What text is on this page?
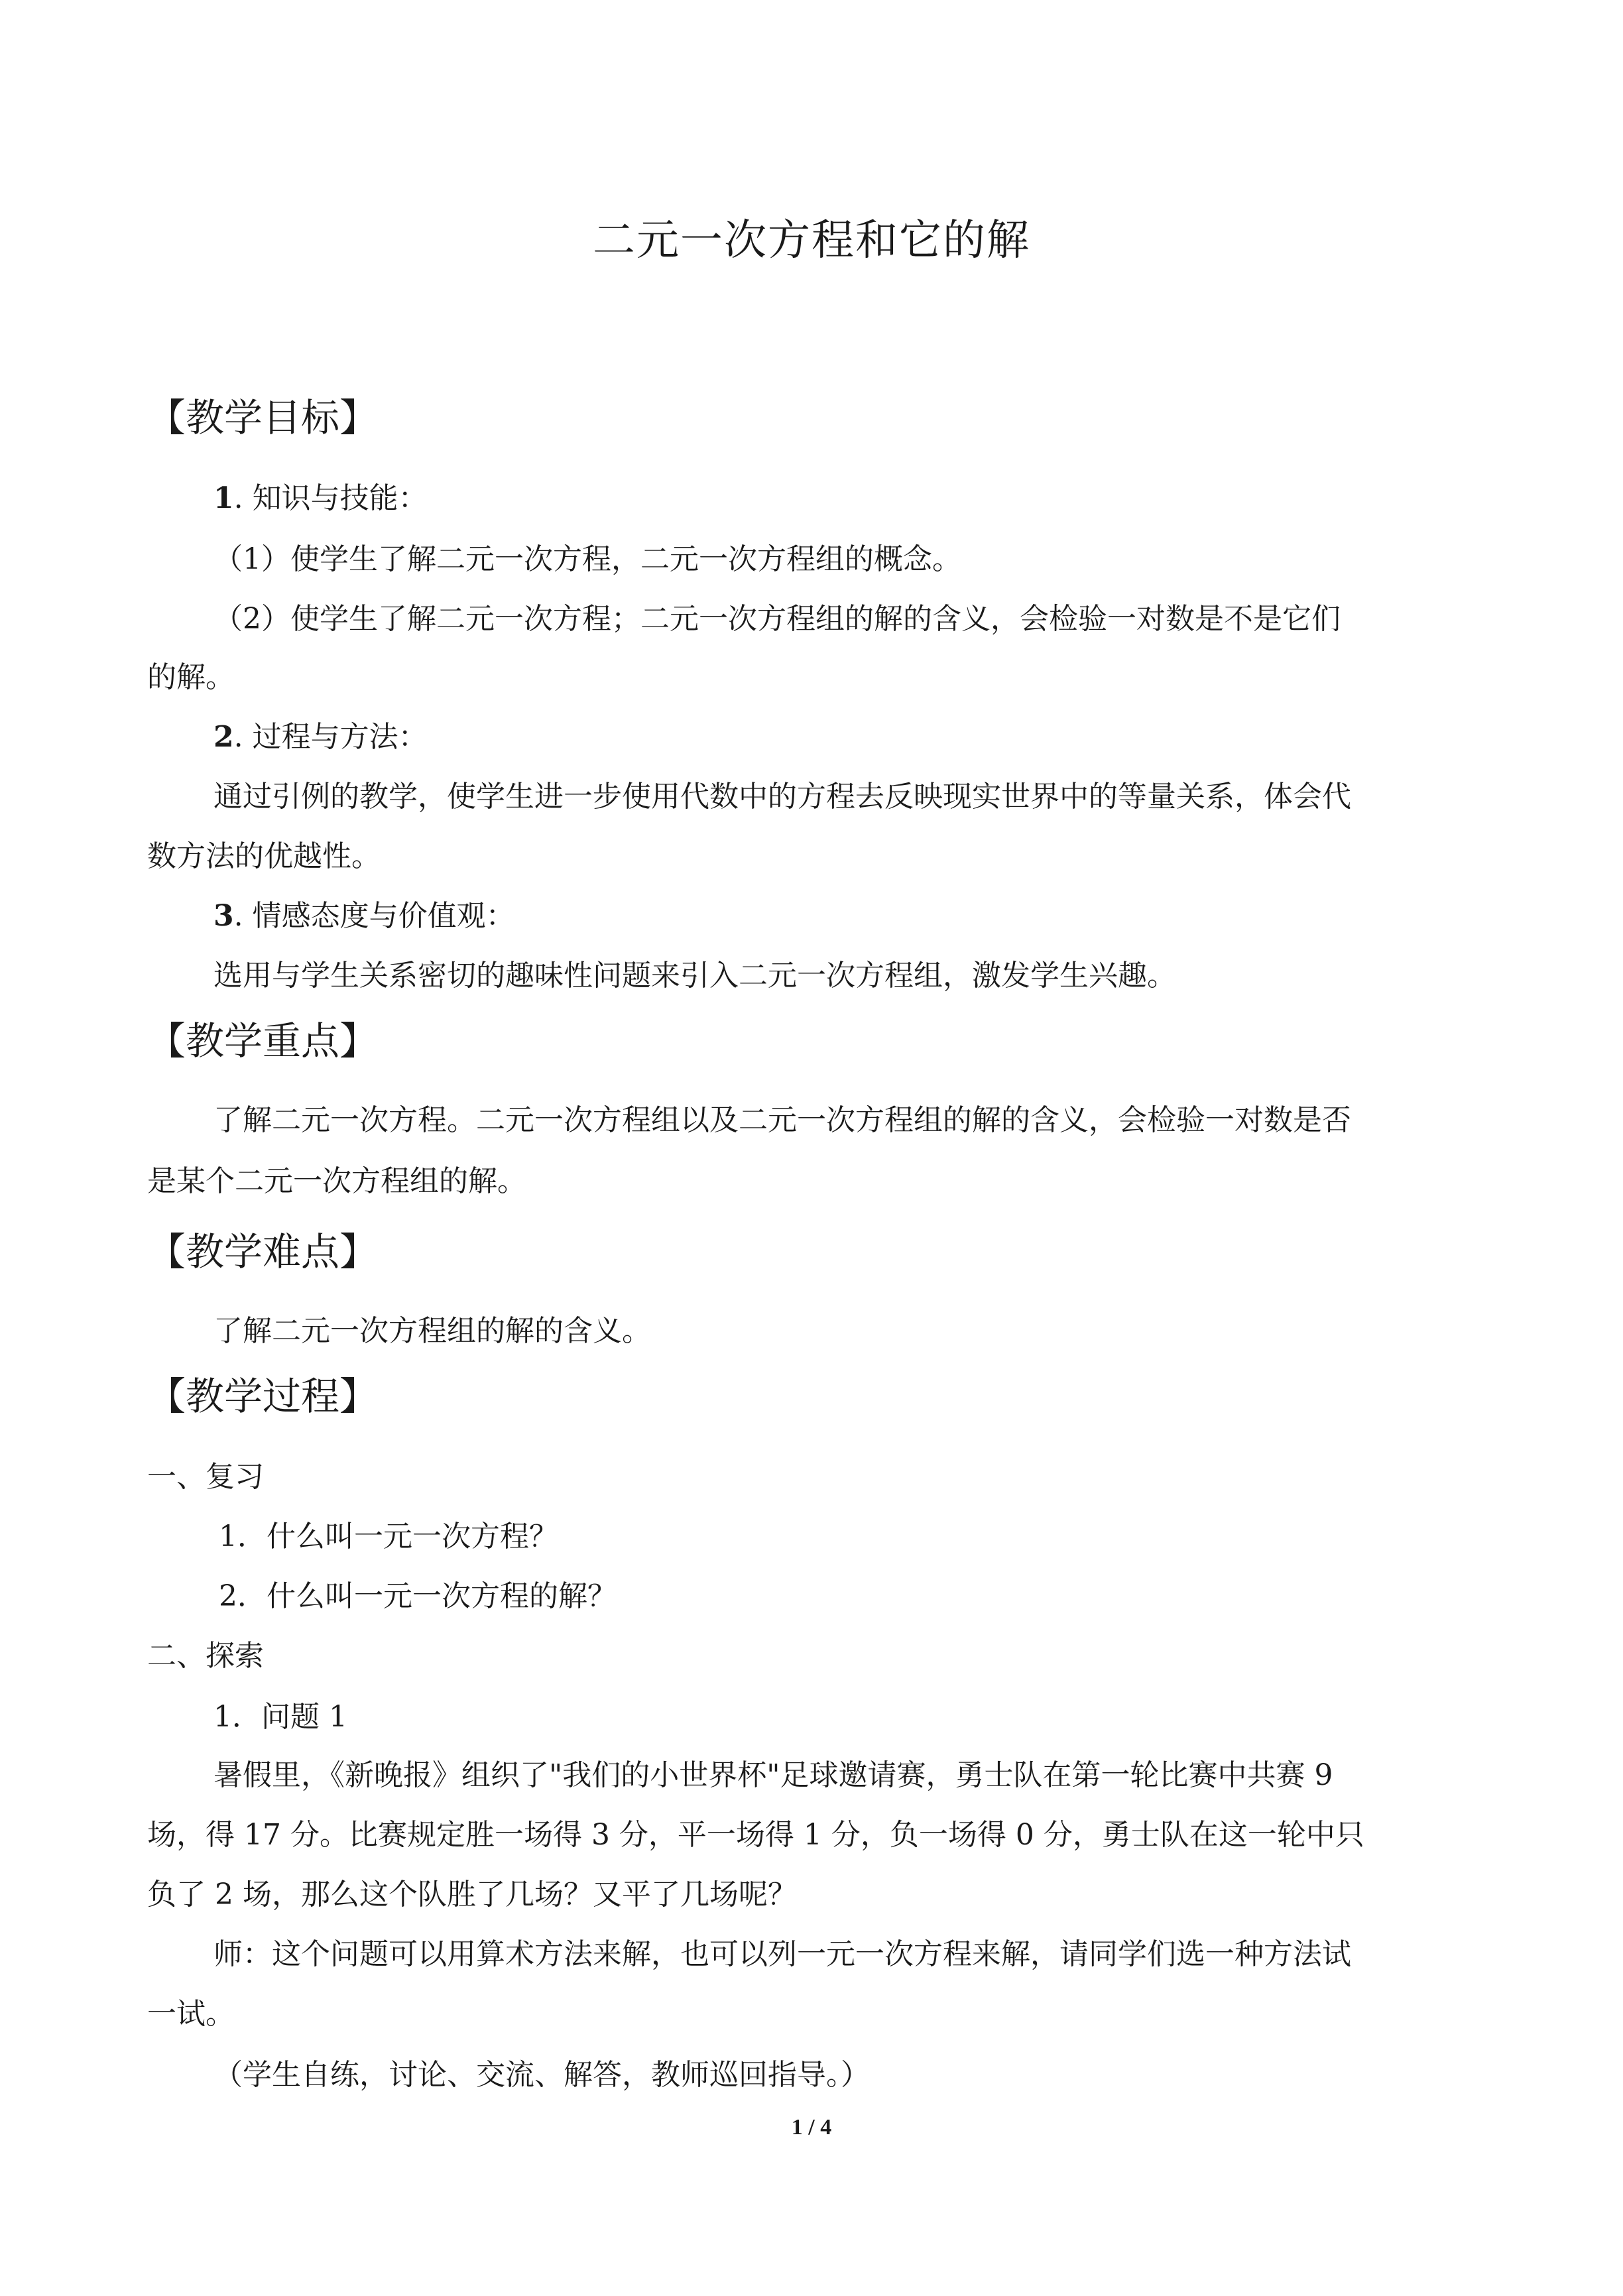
二元一次方程和它的解
【教学目标】
1. 知识与技能：
（1）使学生了解二元一次方程，二元一次方程组的概念。
（2）使学生了解二元一次方程；二元一次方程组的解的含义，会检验一对数是不是它们
的解。
2. 过程与方法：
通过引例的教学，使学生进一步使用代数中的方程去反映现实世界中的等量关系，体会代
数方法的优越性。
3. 情感态度与价值观：
选用与学生关系密切的趣味性问题来引入二元一次方程组，激发学生兴趣。
【教学重点】
了解二元一次方程。二元一次方程组以及二元一次方程组的解的含义，会检验一对数是否
是某个二元一次方程组的解。
【教学难点】
了解二元一次方程组的解的含义。
【教学过程】
一、复习
1．什么叫一元一次方程？
2．什么叫一元一次方程的解？
二、探索
1．问题 1
暑假里，《新晚报》组织了"我们的小世界杯"足球邀请赛，勇士队在第一轮比赛中共赛 9
场，得 17 分。比赛规定胜一场得 3 分，平一场得 1 分，负一场得 0 分，勇士队在这一轮中只
负了 2 场，那么这个队胜了几场？又平了几场呢？
师：这个问题可以用算术方法来解，也可以列一元一次方程来解，请同学们选一种方法试
一试。
（学生自练，讨论、交流、解答，教师巡回指导。）
1 / 4
